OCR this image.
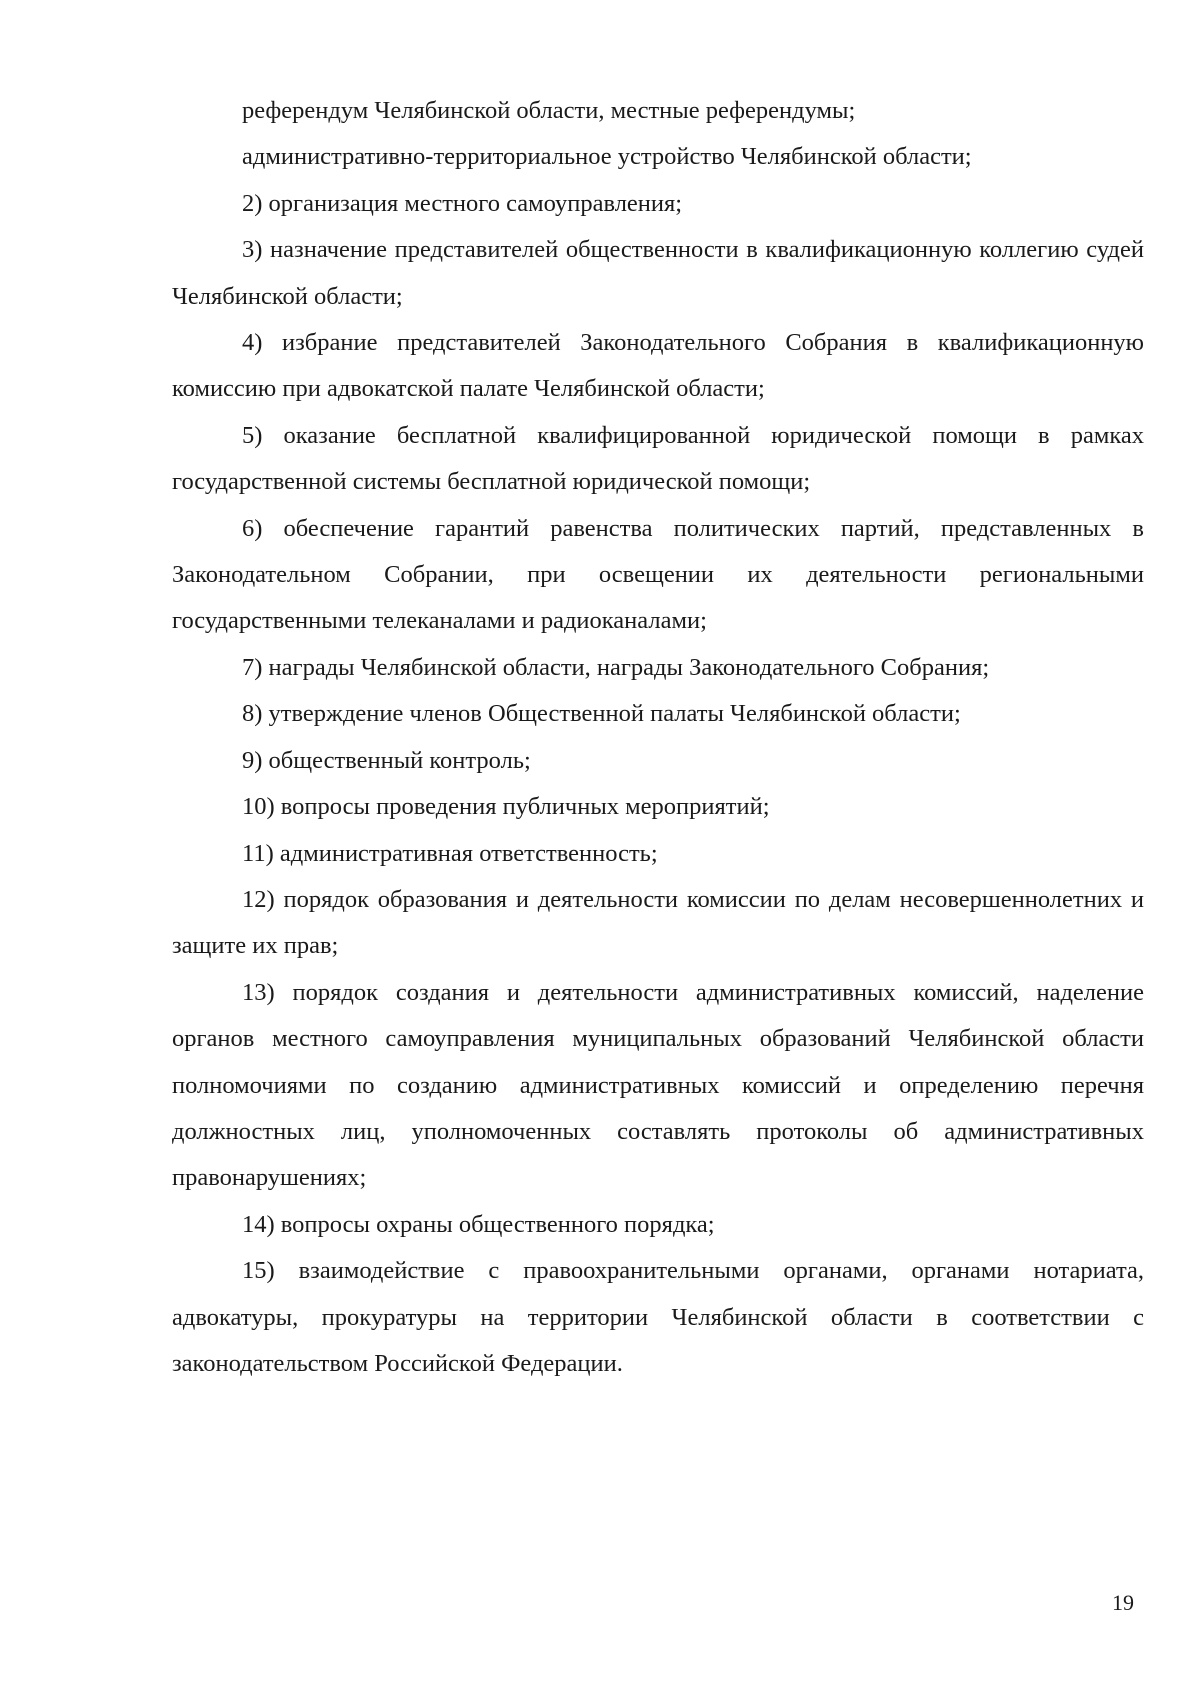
референдум Челябинской области, местные референдумы;

административно-территориальное устройство Челябинской области;

2) организация местного самоуправления;

3) назначение представителей общественности в квалификационную коллегию судей Челябинской области;

4) избрание представителей Законодательного Собрания в квалификационную комиссию при адвокатской палате Челябинской области;

5) оказание бесплатной квалифицированной юридической помощи в рамках государственной системы бесплатной юридической помощи;

6) обеспечение гарантий равенства политических партий, представленных в Законодательном Собрании, при освещении их деятельности региональными государственными телеканалами и радиоканалами;

7) награды Челябинской области, награды Законодательного Собрания;

8) утверждение членов Общественной палаты Челябинской области;

9) общественный контроль;

10) вопросы проведения публичных мероприятий;

11) административная ответственность;

12) порядок образования и деятельности комиссии по делам несовершеннолетних и защите их прав;

13) порядок создания и деятельности административных комиссий, наделение органов местного самоуправления муниципальных образований Челябинской области полномочиями по созданию административных комиссий и определению перечня должностных лиц, уполномоченных составлять протоколы об административных правонарушениях;

14) вопросы охраны общественного порядка;

15) взаимодействие с правоохранительными органами, органами нотариата, адвокатуры, прокуратуры на территории Челябинской области в соответствии с законодательством Российской Федерации.

19
